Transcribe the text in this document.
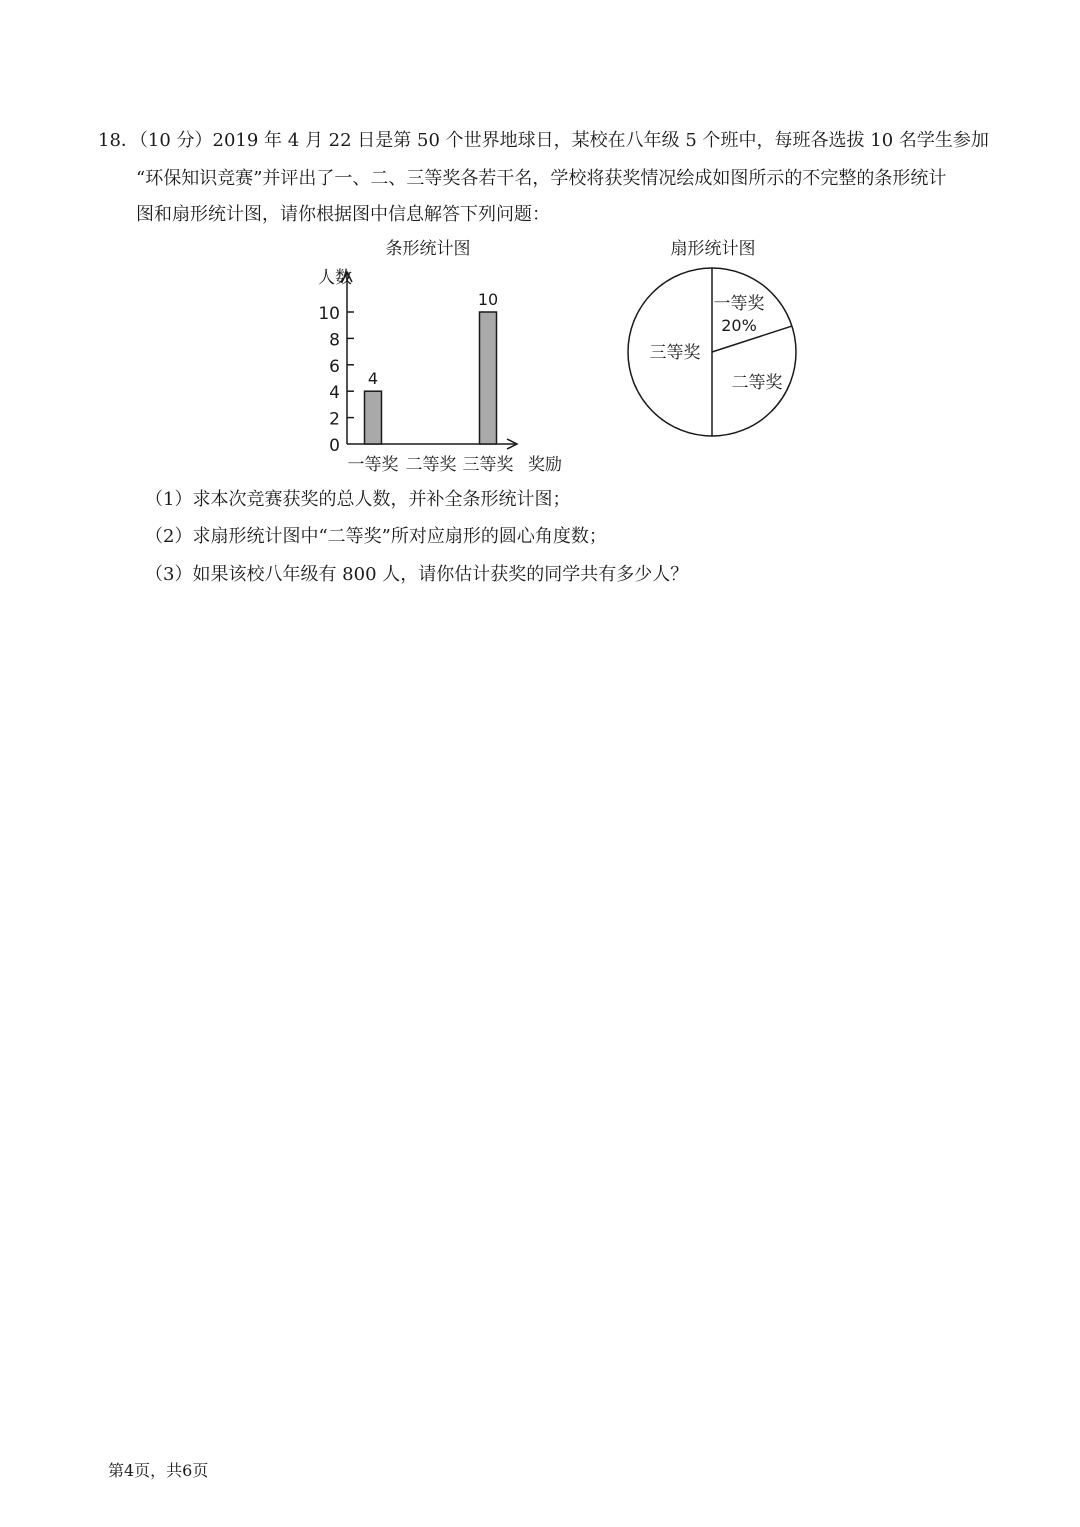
18．（10 分）2019 年 4 月 22 日是第 50 个世界地球日，某校在八年级 5 个班中，每班各选拔 10 名学生参加
“环保知识竞赛”并评出了一、二、三等奖各若干名，学校将获奖情况绘成如图所示的不完整的条形统计
图和扇形统计图，请你根据图中信息解答下列问题：
条形统计图
人数
0
2
4
6
8
10
4
10
一等奖 二等奖 三等奖 奖励
扇形统计图
一等奖
20%
二等奖
三等奖
（1）求本次竞赛获奖的总人数，并补全条形统计图；
（2）求扇形统计图中“二等奖”所对应扇形的圆心角度数；
（3）如果该校八年级有 800 人，请你估计获奖的同学共有多少人？
第4页，共6页
